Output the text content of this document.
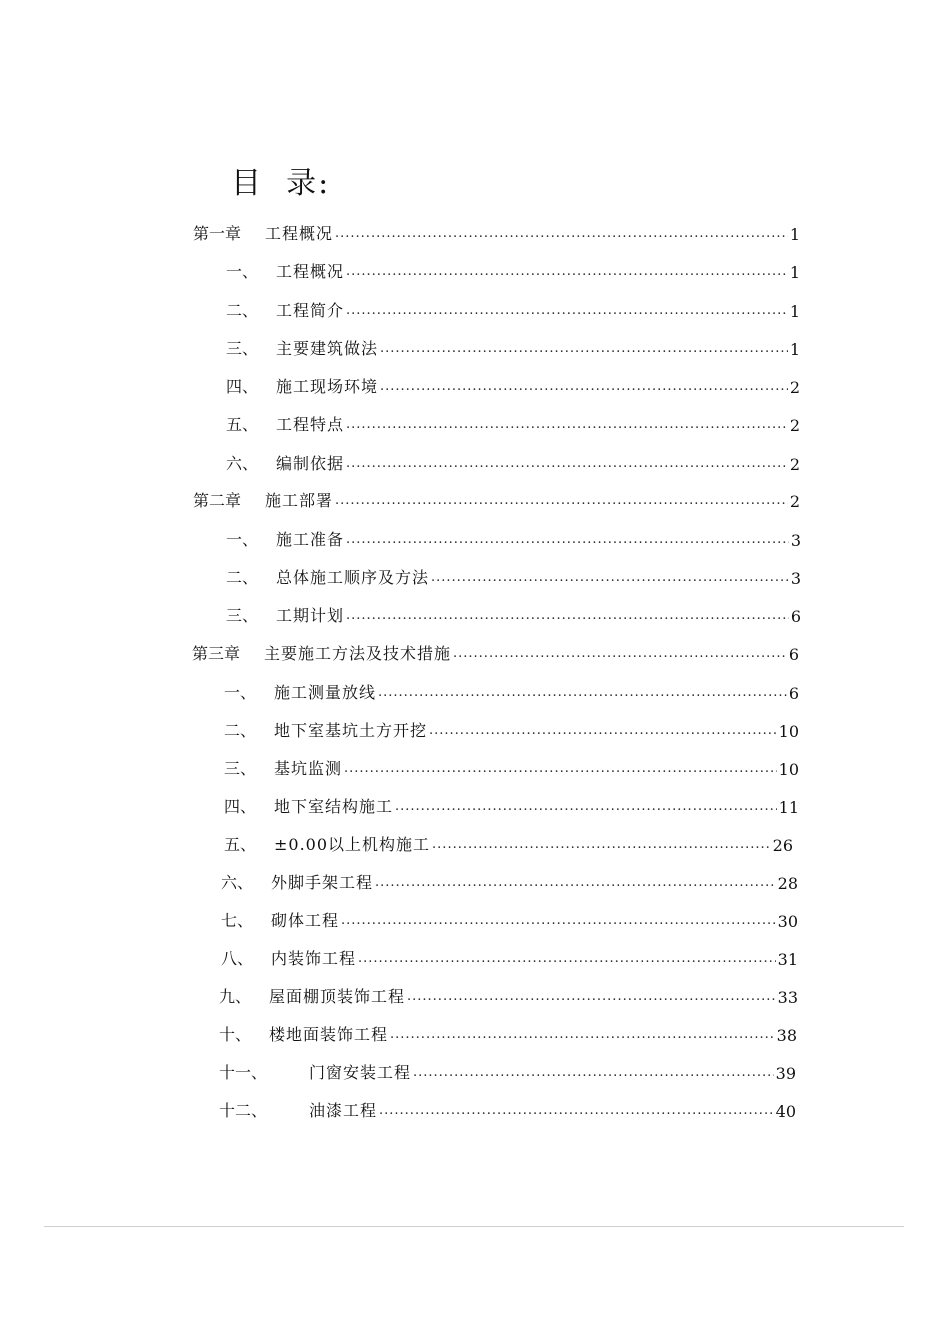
目  录:
第一章	工程概况 .....	1
一、	工程概况 .....	1
二、	工程简介 .....	1
三、	主要建筑做法 .....	1
四、	施工现场环境 .....	2
五、	工程特点 .....	2
六、	编制依据 .....	2
第二章	施工部署 .....	2
一、	施工准备 .....	3
二、	总体施工顺序及方法 .....	3
三、	工期计划 .....	6
第三章	主要施工方法及技术措施 .....	6
一、	施工测量放线 .....	6
二、	地下室基坑土方开挖 .....	10
三、	基坑监测 .....	10
四、	地下室结构施工 .....	11
五、	±0.00以上机构施工 .....	26
六、	外脚手架工程 .....	28
七、	砌体工程 .....	30
八、	内装饰工程 .....	31
九、	屋面棚顶装饰工程 .....	33
十、	楼地面装饰工程 .....	38
十一、	门窗安装工程 .....	39
十二、	油漆工程 .....	40
